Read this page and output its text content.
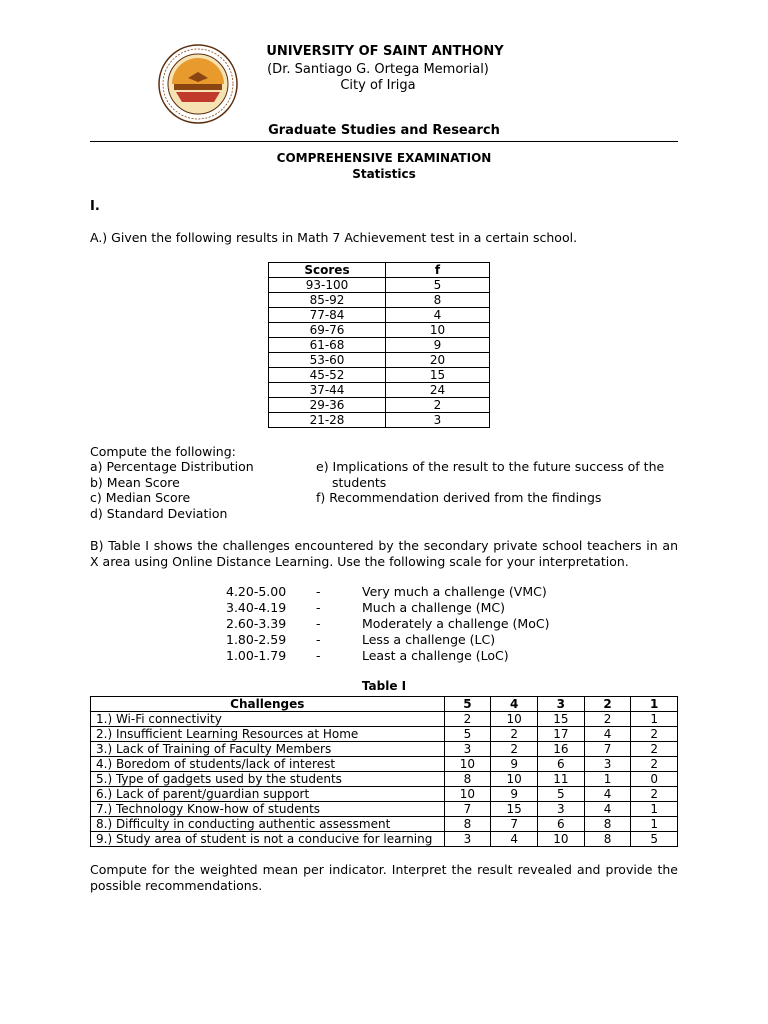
UNIVERSITY OF SAINT ANTHONY
(Dr. Santiago G. Ortega Memorial)
City of Iriga
Graduate Studies and Research
COMPREHENSIVE EXAMINATION
Statistics
I.
A.) Given the following results in Math 7 Achievement test in a certain school.
Scores	f
93-100	5
85-92	8
77-84	4
69-76	10
61-68	9
53-60	20
45-52	15
37-44	24
29-36	2
21-28	3
Compute the following:
a) Percentage Distribution
b) Mean Score
c) Median Score
d) Standard Deviation
e) Implications of the result to the future success of the
students
f) Recommendation derived from the findings
B) Table I shows the challenges encountered by the secondary private school teachers in an X area using Online Distance Learning. Use the following scale for your interpretation.
4.20-5.00 -	Very much a challenge (VMC)
3.40-4.19 -	Much a challenge (MC)
2.60-3.39 -	Moderately a challenge (MoC)
1.80-2.59 -	Less a challenge (LC)
1.00-1.79 -	Least a challenge (LoC)
Table I
Challenges	5	4	3	2	1
1.) Wi-Fi connectivity	2	10	15	2	1
2.) Insufficient Learning Resources at Home	5	2	17	4	2
3.) Lack of Training of Faculty Members	3	2	16	7	2
4.) Boredom of students/lack of interest	10	9	6	3	2
5.) Type of gadgets used by the students	8	10	11	1	0
6.) Lack of parent/guardian support	10	9	5	4	2
7.) Technology Know-how of students	7	15	3	4	1
8.) Difficulty in conducting authentic assessment	8	7	6	8	1
9.) Study area of student is not a conducive for learning	3	4	10	8	5
Compute for the weighted mean per indicator. Interpret the result revealed and provide the possible recommendations.
